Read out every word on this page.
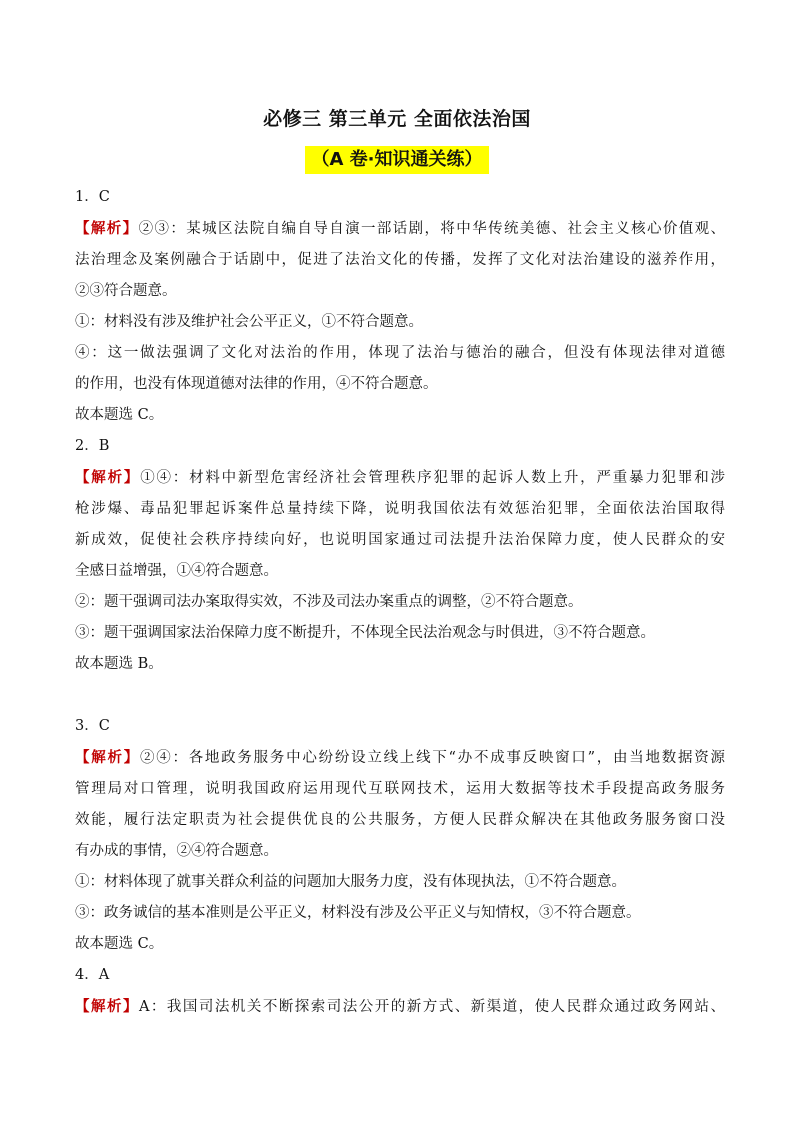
必修三 第三单元 全面依法治国
（A 卷·知识通关练）
1．C
【解析】②③：某城区法院自编自导自演一部话剧，将中华传统美德、社会主义核心价值观、
法治理念及案例融合于话剧中，促进了法治文化的传播，发挥了文化对法治建设的滋养作用，
②③符合题意。
①：材料没有涉及维护社会公平正义，①不符合题意。
④：这一做法强调了文化对法治的作用，体现了法治与德治的融合，但没有体现法律对道德
的作用，也没有体现道德对法律的作用，④不符合题意。
故本题选 C。
2．B
【解析】①④：材料中新型危害经济社会管理秩序犯罪的起诉人数上升，严重暴力犯罪和涉
枪涉爆、毒品犯罪起诉案件总量持续下降，说明我国依法有效惩治犯罪，全面依法治国取得
新成效，促使社会秩序持续向好，也说明国家通过司法提升法治保障力度，使人民群众的安
全感日益增强，①④符合题意。
②：题干强调司法办案取得实效，不涉及司法办案重点的调整，②不符合题意。
③：题干强调国家法治保障力度不断提升，不体现全民法治观念与时俱进，③不符合题意。
故本题选 B。
3．C
【解析】②④：各地政务服务中心纷纷设立线上线下“办不成事反映窗口”，由当地数据资源
管理局对口管理，说明我国政府运用现代互联网技术，运用大数据等技术手段提高政务服务
效能，履行法定职责为社会提供优良的公共服务，方便人民群众解决在其他政务服务窗口没
有办成的事情，②④符合题意。
①：材料体现了就事关群众利益的问题加大服务力度，没有体现执法，①不符合题意。
③：政务诚信的基本准则是公平正义，材料没有涉及公平正义与知情权，③不符合题意。
故本题选 C。
4．A
【解析】A：我国司法机关不断探索司法公开的新方式、新渠道，使人民群众通过政务网站、
